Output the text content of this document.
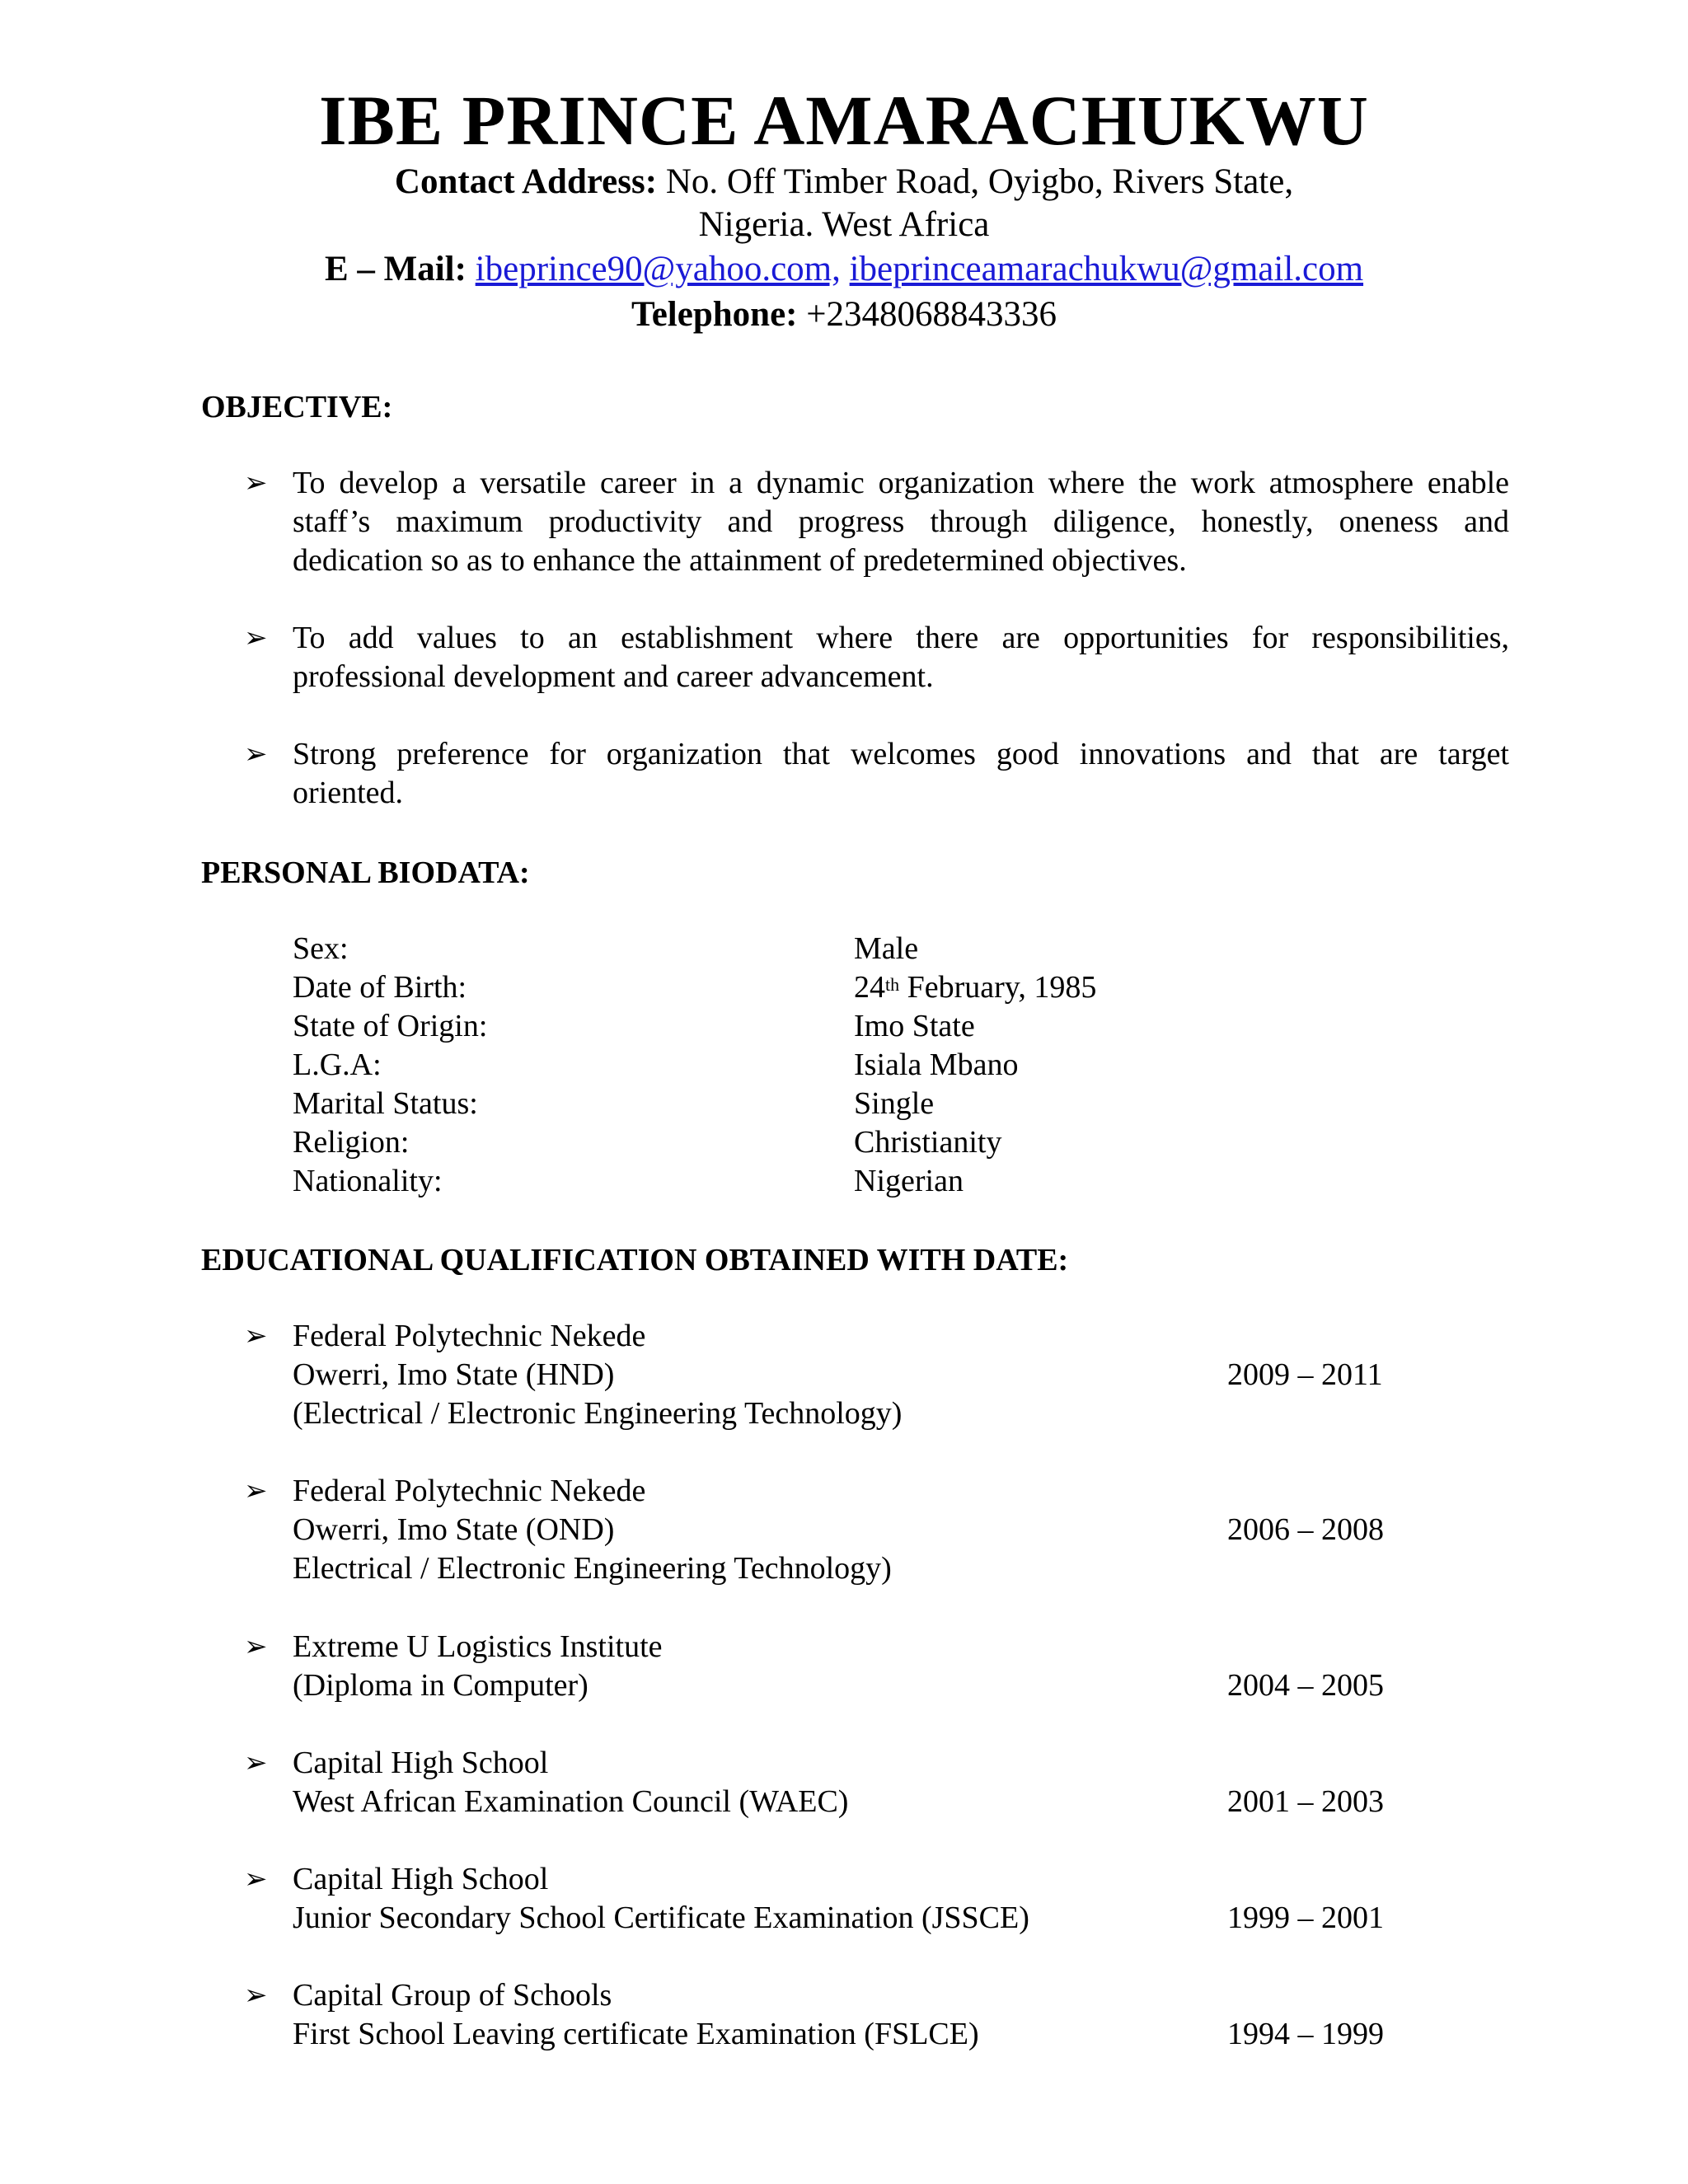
IBE PRINCE AMARACHUKWU
Contact Address: No. Off Timber Road, Oyigbo, Rivers State,
Nigeria. West Africa
E – Mail: ibeprince90@yahoo.com, ibeprinceamarachukwu@gmail.com
Telephone: +2348068843336
OBJECTIVE:
➢ To develop a versatile career in a dynamic organization where the work atmosphere enable
staff’s maximum productivity and progress through diligence, honestly, oneness and
dedication so as to enhance the attainment of predetermined objectives.
➢ To add values to an establishment where there are opportunities for responsibilities,
professional development and career advancement.
➢ Strong preference for organization that welcomes good innovations and that are target
oriented.
PERSONAL BIODATA:
Sex:	Male
Date of Birth:	24th February, 1985
State of Origin:	Imo State
L.G.A:	Isiala Mbano
Marital Status:	Single
Religion:	Christianity
Nationality:	Nigerian
EDUCATIONAL QUALIFICATION OBTAINED WITH DATE:
➢ Federal Polytechnic Nekede
Owerri, Imo State (HND)
(Electrical / Electronic Engineering Technology)
2009 – 2011
➢ Federal Polytechnic Nekede
Owerri, Imo State (OND)
Electrical / Electronic Engineering Technology)
2006 – 2008
➢ Extreme U Logistics Institute
(Diploma in Computer)	2004 – 2005
➢ Capital High School
West African Examination Council (WAEC)	2001 – 2003
➢ Capital High School
Junior Secondary School Certificate Examination (JSSCE)	1999 – 2001
➢ Capital Group of Schools
First School Leaving certificate Examination (FSLCE)	1994 – 1999
